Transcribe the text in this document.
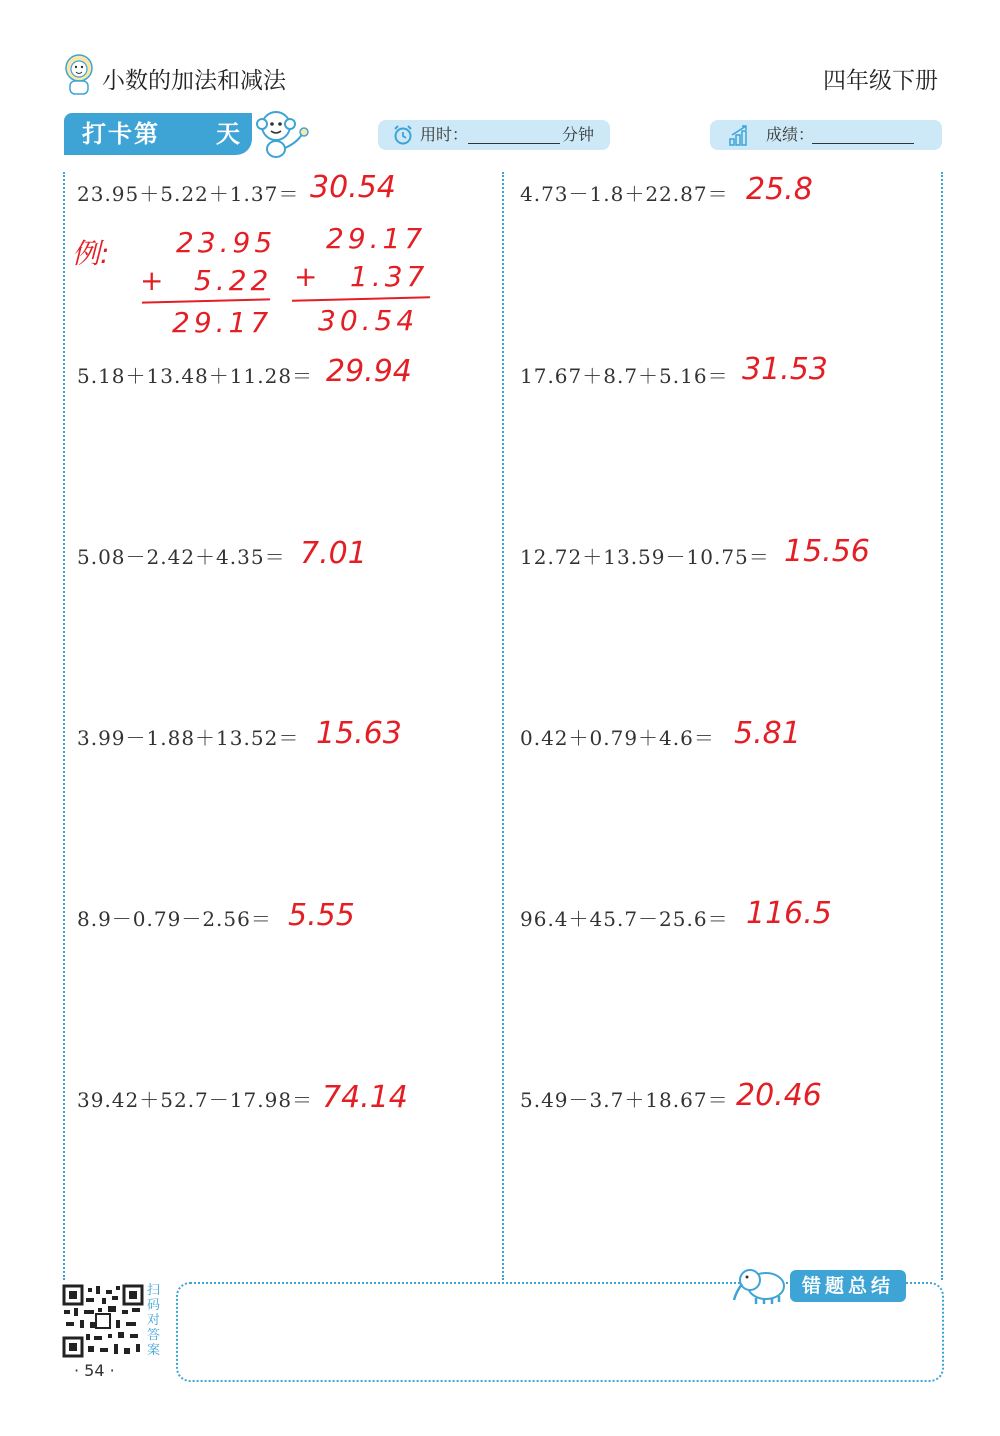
小数的加法和减法	四年级下册
打卡第 天	用时：	分钟	成绩：
23.95＋5.22＋1.37＝ 30.54
5.18＋13.48＋11.28＝ 29.94
5.08－2.42＋4.35＝ 7.01
3.99－1.88＋13.52＝ 15.63
8.9－0.79－2.56＝ 5.55
39.42＋52.7－17.98＝ 74.14
例: 23.95
+ 5.22
29.17
29.17
+ 1.37
30.54
4.73－1.8＋22.87＝ 25.8
17.67＋8.7＋5.16＝ 31.53
12.72＋13.59－10.75＝ 15.56
0.42＋0.79＋4.6＝ 5.81
96.4＋45.7－25.6＝ 116.5
5.49－3.7＋18.67＝ 20.46
扫码对答案
· 54 ·
错题总结
